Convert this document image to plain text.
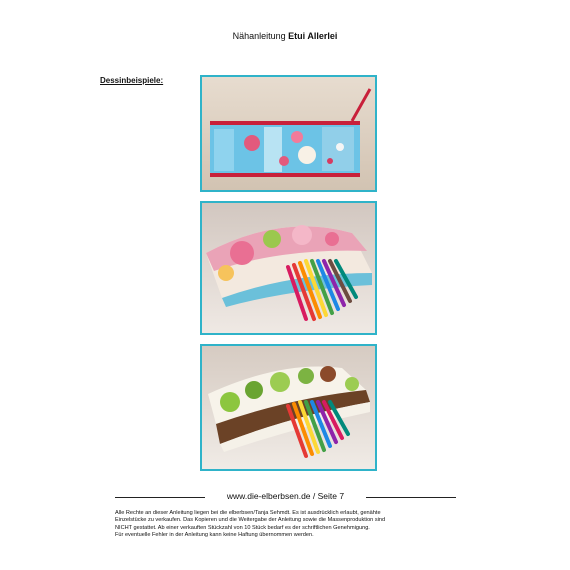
Nähanleitung Etui Allerlei
Dessinbeispiele:
www.die-elberbsen.de / Seite 7
Alle Rechte an dieser Anleitung liegen bei die elberbsen/Tanja Sehmdt. Es ist ausdrücklich erlaubt, genähte
Einzelstücke zu verkaufen. Das Kopieren und die Weitergabe der Anleitung sowie die Massenproduktion sind
NICHT gestattet. Ab einer verkauften Stückzahl von 10 Stück bedarf es der schriftlichen Genehmigung.
Für eventuelle Fehler in der Anleitung kann keine Haftung übernommen werden.
